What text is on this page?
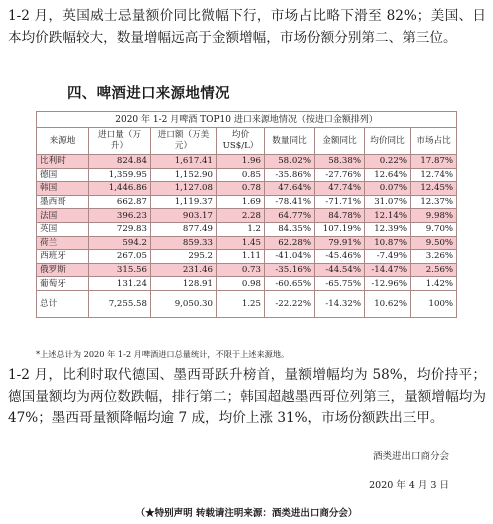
1-2 月，英国威士忌量额价同比微幅下行，市场占比略下滑至 82%；美国、日本均价跌幅较大，数量增幅远高于金额增幅，市场份额分别第二、第三位。

四、啤酒进口来源地情况
2020 年 1-2 月啤酒 TOP10 进口来源地情况（按进口金额排列）							
来源地	进口量（万升）	进口额（万美元）	均价 US$/L）	数量同比	金额同比	均价同比	市场占比
比利时	824.84	1,617.41	1.96	58.02%	58.38%	0.22%	17.87%
德国	1,359.95	1,152.90	0.85	-35.86%	-27.76%	12.64%	12.74%
韩国	1,446.86	1,127.08	0.78	47.64%	47.74%	0.07%	12.45%
墨西哥	662.87	1,119.37	1.69	-78.41%	-71.71%	31.07%	12.37%
法国	396.23	903.17	2.28	64.77%	84.78%	12.14%	9.98%
英国	729.83	877.49	1.2	84.35%	107.19%	12.39%	9.70%
荷兰	594.2	859.33	1.45	62.28%	79.91%	10.87%	9.50%
西班牙	267.05	295.2	1.11	-41.04%	-45.46%	-7.49%	3.26%
俄罗斯	315.56	231.46	0.73	-35.16%	-44.54%	-14.47%	2.56%
葡萄牙	131.24	128.91	0.98	-60.65%	-65.75%	-12.96%	1.42%
总计	7,255.58	9,050.30	1.25	-22.22%	-14.32%	10.62%	100%

*上述总计为 2020 年 1-2 月啤酒进口总量统计，不限于上述来源地。

1-2 月，比利时取代德国、墨西哥跃升榜首，量额增幅均为 58%，均价持平；德国量额均为两位数跌幅，排行第二；韩国超越墨西哥位列第三，量额增幅均为 47%；墨西哥量额降幅均逾 7 成，均价上涨 31%，市场份额跌出三甲。

酒类进出口商分会

2020 年 4 月 3 日

（★特别声明 转载请注明来源：酒类进出口商分会）
